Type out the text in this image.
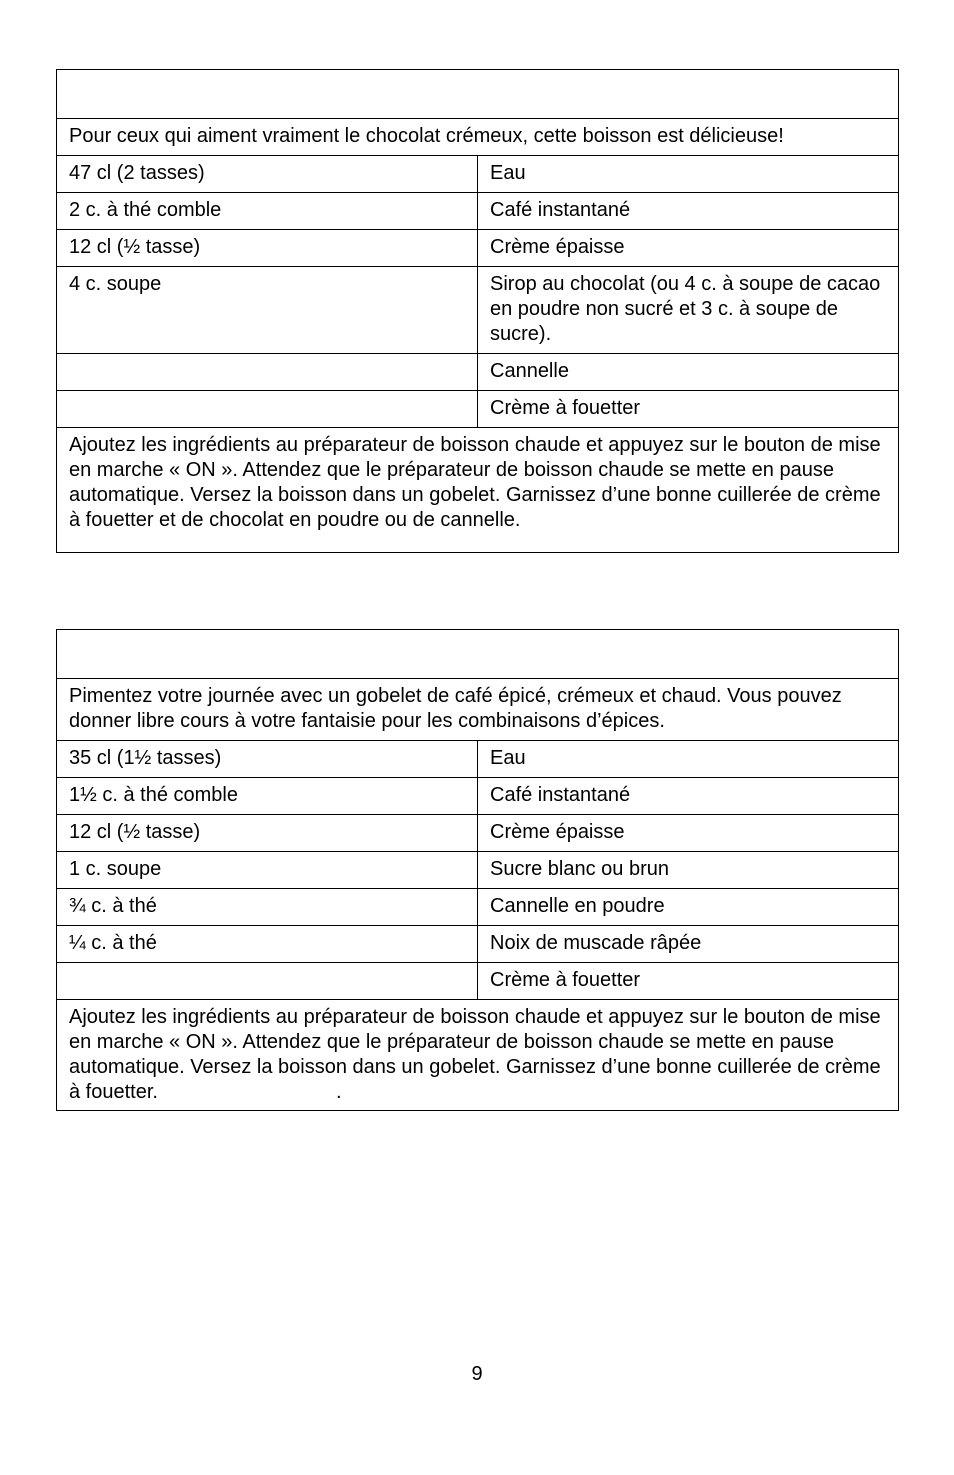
Pour ceux qui aiment vraiment le chocolat crémeux, cette boisson est délicieuse!	
47 cl (2 tasses)	Eau
2 c. à thé comble	Café instantané
12 cl (½ tasse)	Crème épaisse
4 c. soupe	Sirop au chocolat (ou 4 c. à soupe de cacao en poudre non sucré et 3 c. à soupe de sucre).
	Cannelle
	Crème à fouetter
Ajoutez les ingrédients au préparateur de boisson chaude et appuyez sur le bouton de mise en marche « ON ». Attendez que le préparateur de boisson chaude se mette en pause automatique. Versez la boisson dans un gobelet. Garnissez d’une bonne cuillerée de crème à fouetter et de chocolat en poudre ou de cannelle.	

Pimentez votre journée avec un gobelet de café épicé, crémeux et chaud. Vous pouvez donner libre cours à votre fantaisie pour les combinaisons d’épices.	
35 cl (1½ tasses)	Eau
1½ c. à thé comble	Café instantané
12 cl (½ tasse)	Crème épaisse
1 c. soupe	Sucre blanc ou brun
¾ c. à thé	Cannelle en poudre
¼ c. à thé	Noix de muscade râpée
	Crème à fouetter
Ajoutez les ingrédients au préparateur de boisson chaude et appuyez sur le bouton de mise en marche « ON ». Attendez que le préparateur de boisson chaude se mette en pause automatique. Versez la boisson dans un gobelet. Garnissez d’une bonne cuillerée de crème à fouetter. .	
9
